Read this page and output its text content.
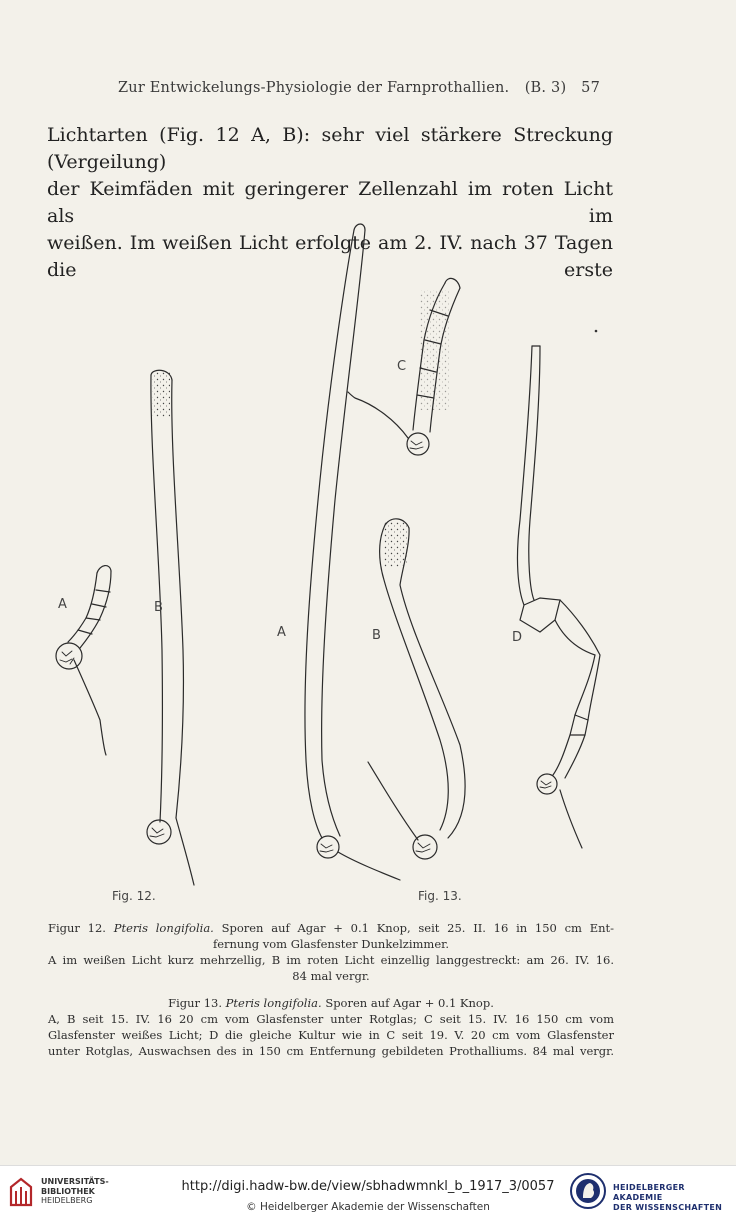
Zur Entwickelungs-Physiologie der Farnprothallien.	(B. 3) 57
Lichtarten (Fig. 12 A, B): sehr viel stärkere Streckung (Vergeilung)
der Keimfäden mit geringerer Zellenzahl im roten Licht als im
weißen. Im weißen Licht erfolgte am 2. IV. nach 37 Tagen die erste
A	B
A	B
C
D
Fig. 12.	Fig. 13.
Figur 12. Pteris longifolia. Sporen auf Agar + 0.1 Knop, seit 25. II. 16 in 150 cm Ent-
fernung vom Glasfenster Dunkelzimmer.
A im weißen Licht kurz mehrzellig, B im roten Licht einzellig langgestreckt: am 26. IV. 16.
84 mal vergr.
Figur 13. Pteris longifolia. Sporen auf Agar + 0.1 Knop.
A, B seit 15. IV. 16 20 cm vom Glasfenster unter Rotglas; C seit 15. IV. 16 150 cm vom
Glasfenster weißes Licht; D die gleiche Kultur wie in C seit 19. V. 20 cm vom Glasfenster
unter Rotglas, Auswachsen des in 150 cm Entfernung gebildeten Prothalliums. 84 mal vergr.
UNIVERSITÄTS-
BIBLIOTHEK
HEIDELBERG
http://digi.hadw-bw.de/view/sbhadwmnkl_b_1917_3/0057
© Heidelberger Akademie der Wissenschaften
HEIDELBERGER AKADEMIE
DER WISSENSCHAFTEN
